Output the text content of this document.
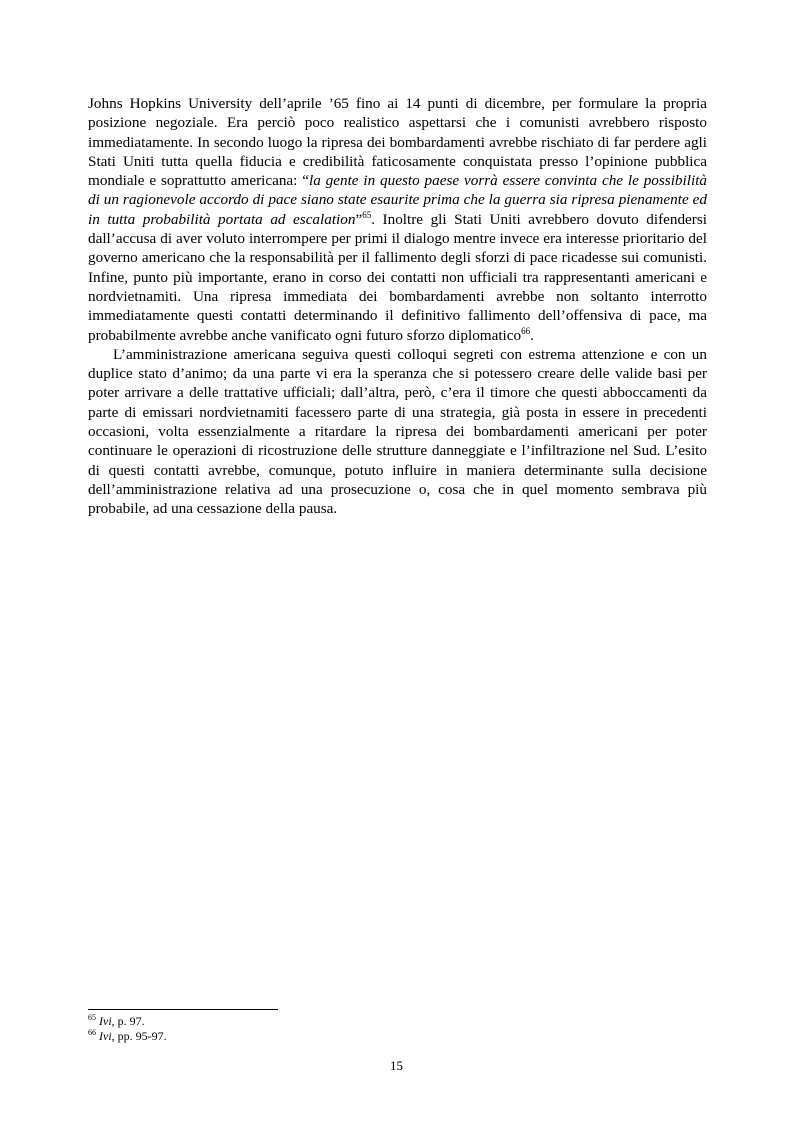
Johns Hopkins University dell’aprile ’65 fino ai 14 punti di dicembre, per formulare la propria posizione negoziale. Era perciò poco realistico aspettarsi che i comunisti avrebbero risposto immediatamente. In secondo luogo la ripresa dei bombardamenti avrebbe rischiato di far perdere agli Stati Uniti tutta quella fiducia e credibilità faticosamente conquistata presso l’opinione pubblica mondiale e soprattutto americana: “la gente in questo paese vorrà essere convinta che le possibilità di un ragionevole accordo di pace siano state esaurite prima che la guerra sia ripresa pienamente ed in tutta probabilità portata ad escalation”$^{65}$. Inoltre gli Stati Uniti avrebbero dovuto difendersi dall’accusa di aver voluto interrompere per primi il dialogo mentre invece era interesse prioritario del governo americano che la responsabilità per il fallimento degli sforzi di pace ricadesse sui comunisti. Infine, punto più importante, erano in corso dei contatti non ufficiali tra rappresentanti americani e nordvietnamiti. Una ripresa immediata dei bombardamenti avrebbe non soltanto interrotto immediatamente questi contatti determinando il definitivo fallimento dell’offensiva di pace, ma probabilmente avrebbe anche vanificato ogni futuro sforzo diplomatico$^{66}$.

L’amministrazione americana seguiva questi colloqui segreti con estrema attenzione e con un duplice stato d’animo; da una parte vi era la speranza che si potessero creare delle valide basi per poter arrivare a delle trattative ufficiali; dall’altra, però, c’era il timore che questi abboccamenti da parte di emissari nordvietnamiti facessero parte di una strategia, già posta in essere in precedenti occasioni, volta essenzialmente a ritardare la ripresa dei bombardamenti americani per poter continuare le operazioni di ricostruzione delle strutture danneggiate e l’infiltrazione nel Sud. L’esito di questi contatti avrebbe, comunque, potuto influire in maniera determinante sulla decisione dell’amministrazione relativa ad una prosecuzione o, cosa che in quel momento sembrava più probabile, ad una cessazione della pausa.

$^{65}$ Ivi, p. 97.

$^{66}$ Ivi, pp. 95-97.

15
